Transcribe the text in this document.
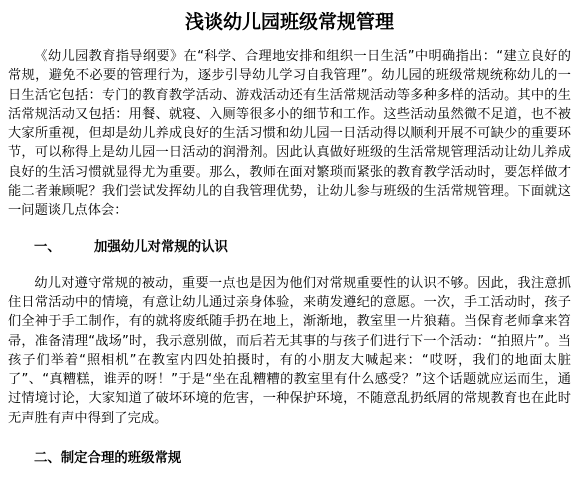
浅谈幼儿园班级常规管理

《幼儿园教育指导纲要》在“科学、合理地安排和组织一日生活”中明确指出：“建立良好的常规，避免不必要的管理行为，逐步引导幼儿学习自我管理”。幼儿园的班级常规统称幼儿的一日生活它包括：专门的教育教学活动、游戏活动还有生活常规活动等多种多样的活动。其中的生活常规活动又包括：用餐、就寝、入厕等很多小的细节和工作。这些活动虽然微不足道，也不被大家所重视，但却是幼儿养成良好的生活习惯和幼儿园一日活动得以顺利开展不可缺少的重要环节，可以称得上是幼儿园一日活动的润滑剂。因此认真做好班级的生活常规管理活动让幼儿养成良好的生活习惯就显得尤为重要。那么，教师在面对繁琐而紧张的教育教学活动时，要怎样做才能二者兼顾呢？我们尝试发挥幼儿的自我管理优势，让幼儿参与班级的生活常规管理。下面就这一问题谈几点体会：

一、 加强幼儿对常规的认识

幼儿对遵守常规的被动，重要一点也是因为他们对常规重要性的认识不够。因此，我注意抓住日常活动中的情境，有意让幼儿通过亲身体验，来萌发遵纪的意愿。一次，手工活动时，孩子们全神于手工制作，有的就将废纸随手扔在地上，渐渐地，教室里一片狼藉。当保育老师拿来笤帚，准备清理“战场”时，我示意别做，而后若无其事的与孩子们进行下一个活动：“拍照片”。当孩子们举着“照相机”在教室内四处拍摄时，有的小朋友大喊起来：“哎呀，我们的地面太脏了”、“真糟糕，谁弄的呀！”于是“坐在乱糟糟的教室里有什么感受？”这个话题就应运而生，通过情境讨论，大家知道了破坏环境的危害，一种保护环境，不随意乱扔纸屑的常规教育也在此时无声胜有声中得到了完成。

二、制定合理的班级常规
